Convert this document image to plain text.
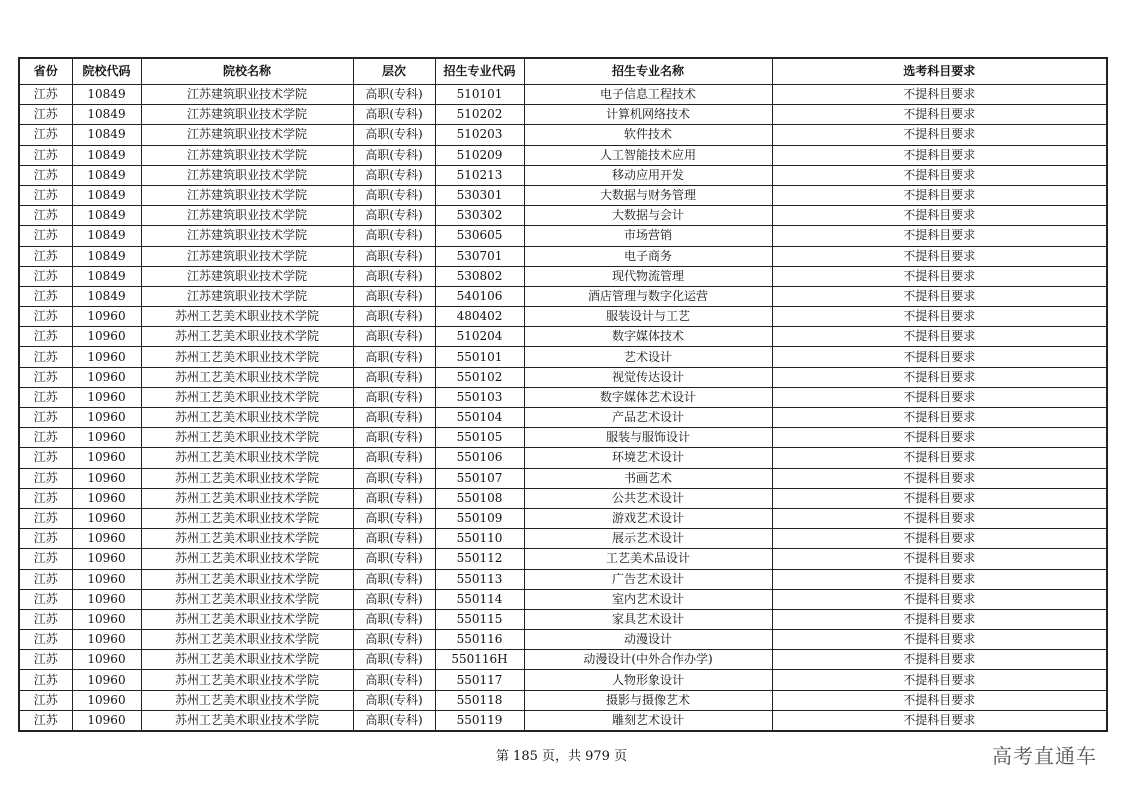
省份	院校代码	院校名称	层次	招生专业代码	招生专业名称	选考科目要求
江苏	10849	江苏建筑职业技术学院	高职(专科)	510101	电子信息工程技术	不提科目要求
江苏	10849	江苏建筑职业技术学院	高职(专科)	510202	计算机网络技术	不提科目要求
江苏	10849	江苏建筑职业技术学院	高职(专科)	510203	软件技术	不提科目要求
江苏	10849	江苏建筑职业技术学院	高职(专科)	510209	人工智能技术应用	不提科目要求
江苏	10849	江苏建筑职业技术学院	高职(专科)	510213	移动应用开发	不提科目要求
江苏	10849	江苏建筑职业技术学院	高职(专科)	530301	大数据与财务管理	不提科目要求
江苏	10849	江苏建筑职业技术学院	高职(专科)	530302	大数据与会计	不提科目要求
江苏	10849	江苏建筑职业技术学院	高职(专科)	530605	市场营销	不提科目要求
江苏	10849	江苏建筑职业技术学院	高职(专科)	530701	电子商务	不提科目要求
江苏	10849	江苏建筑职业技术学院	高职(专科)	530802	现代物流管理	不提科目要求
江苏	10849	江苏建筑职业技术学院	高职(专科)	540106	酒店管理与数字化运营	不提科目要求
江苏	10960	苏州工艺美术职业技术学院	高职(专科)	480402	服装设计与工艺	不提科目要求
江苏	10960	苏州工艺美术职业技术学院	高职(专科)	510204	数字媒体技术	不提科目要求
江苏	10960	苏州工艺美术职业技术学院	高职(专科)	550101	艺术设计	不提科目要求
江苏	10960	苏州工艺美术职业技术学院	高职(专科)	550102	视觉传达设计	不提科目要求
江苏	10960	苏州工艺美术职业技术学院	高职(专科)	550103	数字媒体艺术设计	不提科目要求
江苏	10960	苏州工艺美术职业技术学院	高职(专科)	550104	产品艺术设计	不提科目要求
江苏	10960	苏州工艺美术职业技术学院	高职(专科)	550105	服装与服饰设计	不提科目要求
江苏	10960	苏州工艺美术职业技术学院	高职(专科)	550106	环境艺术设计	不提科目要求
江苏	10960	苏州工艺美术职业技术学院	高职(专科)	550107	书画艺术	不提科目要求
江苏	10960	苏州工艺美术职业技术学院	高职(专科)	550108	公共艺术设计	不提科目要求
江苏	10960	苏州工艺美术职业技术学院	高职(专科)	550109	游戏艺术设计	不提科目要求
江苏	10960	苏州工艺美术职业技术学院	高职(专科)	550110	展示艺术设计	不提科目要求
江苏	10960	苏州工艺美术职业技术学院	高职(专科)	550112	工艺美术品设计	不提科目要求
江苏	10960	苏州工艺美术职业技术学院	高职(专科)	550113	广告艺术设计	不提科目要求
江苏	10960	苏州工艺美术职业技术学院	高职(专科)	550114	室内艺术设计	不提科目要求
江苏	10960	苏州工艺美术职业技术学院	高职(专科)	550115	家具艺术设计	不提科目要求
江苏	10960	苏州工艺美术职业技术学院	高职(专科)	550116	动漫设计	不提科目要求
江苏	10960	苏州工艺美术职业技术学院	高职(专科)	550116H	动漫设计(中外合作办学)	不提科目要求
江苏	10960	苏州工艺美术职业技术学院	高职(专科)	550117	人物形象设计	不提科目要求
江苏	10960	苏州工艺美术职业技术学院	高职(专科)	550118	摄影与摄像艺术	不提科目要求
江苏	10960	苏州工艺美术职业技术学院	高职(专科)	550119	雕刻艺术设计	不提科目要求
第 185 页，共 979 页	高考直通车
